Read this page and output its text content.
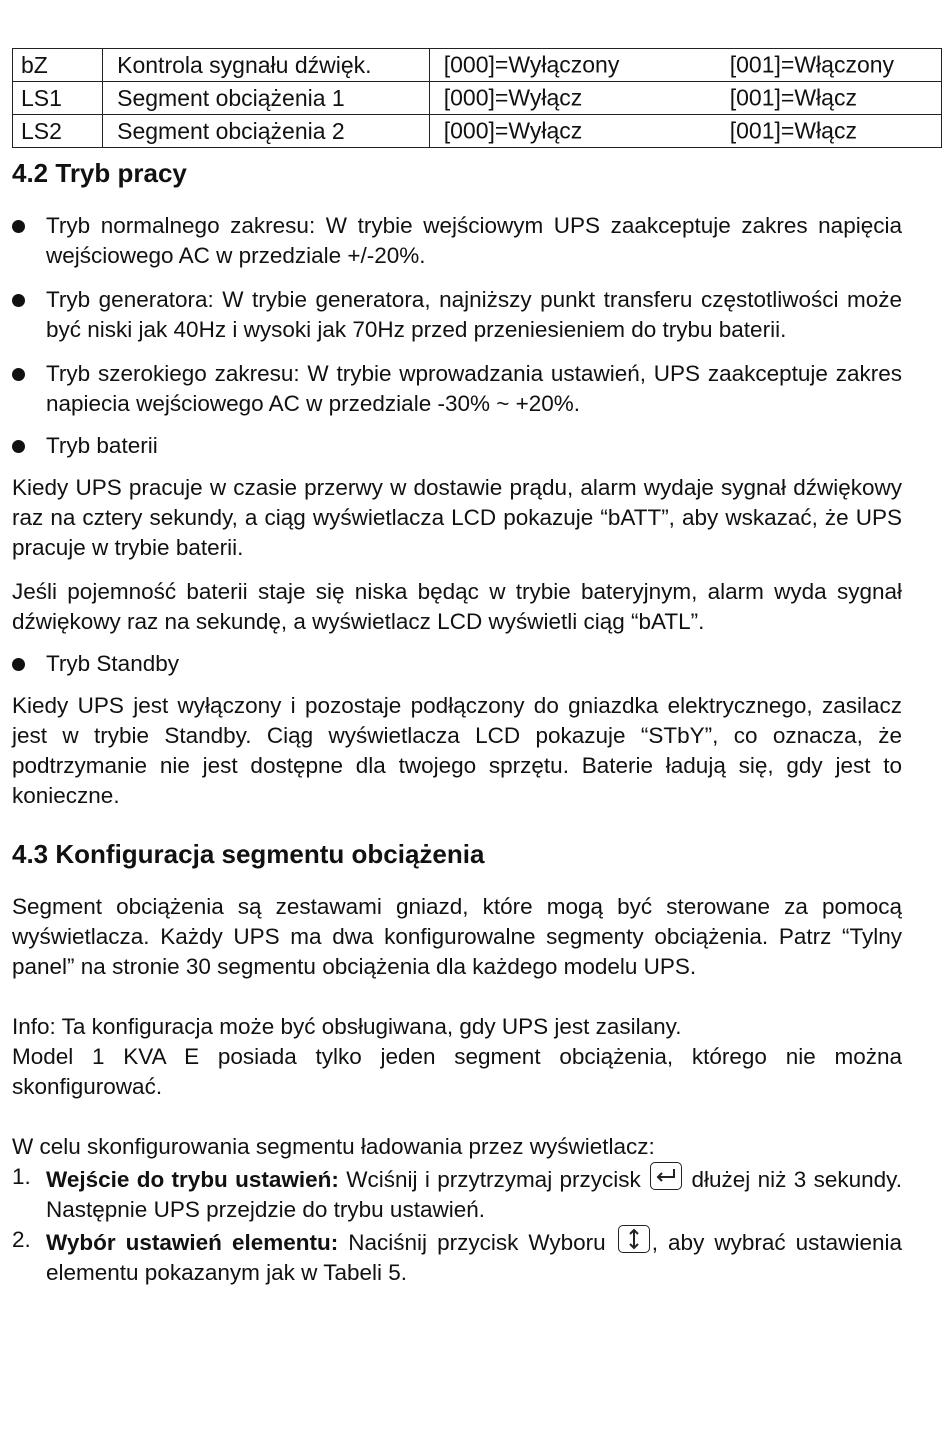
bZ	Kontrola sygnału dźwięk.	[000]=Wyłączony [001]=Włączony

LS1	Segment obciążenia 1	[000]=Wyłącz [001]=Włącz

LS2	Segment obciążenia 2	[000]=Wyłącz [001]=Włącz
4.2 Tryb pracy
Tryb normalnego zakresu: W trybie wejściowym UPS zaakceptuje zakres napięcia wejściowego AC w przedziale +/-20%.
Tryb generatora: W trybie generatora, najniższy punkt transferu częstotliwości może być niski jak 40Hz i wysoki jak 70Hz przed przeniesieniem do trybu baterii.
Tryb szerokiego zakresu: W trybie wprowadzania ustawień, UPS zaakceptuje zakres napiecia wejściowego AC w przedziale -30% ~ +20%.
Tryb baterii
Kiedy UPS pracuje w czasie przerwy w dostawie prądu, alarm wydaje sygnał dźwiękowy raz na cztery sekundy, a ciąg wyświetlacza LCD pokazuje “bATT”, aby wskazać, że UPS pracuje w trybie baterii.
Jeśli pojemność baterii staje się niska będąc w trybie bateryjnym, alarm wyda sygnał dźwiękowy raz na sekundę, a wyświetlacz LCD wyświetli ciąg “bATL”.
Tryb Standby
Kiedy UPS jest wyłączony i pozostaje podłączony do gniazdka elektrycznego, zasilacz jest w trybie Standby. Ciąg wyświetlacza LCD pokazuje “STbY”, co oznacza, że podtrzymanie nie jest dostępne dla twojego sprzętu. Baterie ładują się, gdy jest to konieczne.
4.3 Konfiguracja segmentu obciążenia
Segment obciążenia są zestawami gniazd, które mogą być sterowane za pomocą wyświetlacza. Każdy UPS ma dwa konfigurowalne segmenty obciążenia. Patrz “Tylny panel” na stronie 30 segmentu obciążenia dla każdego modelu UPS.
Info: Ta konfiguracja może być obsługiwana, gdy UPS jest zasilany.
Model 1 KVA E posiada tylko jeden segment obciążenia, którego nie można skonfigurować.
W celu skonfigurowania segmentu ładowania przez wyświetlacz:
1. Wejście do trybu ustawień: Wciśnij i przytrzymaj przycisk dłużej niż 3 sekundy. Następnie UPS przejdzie do trybu ustawień.
2. Wybór ustawień elementu: Naciśnij przycisk Wyboru , aby wybrać ustawienia elementu pokazanym jak w Tabeli 5.
